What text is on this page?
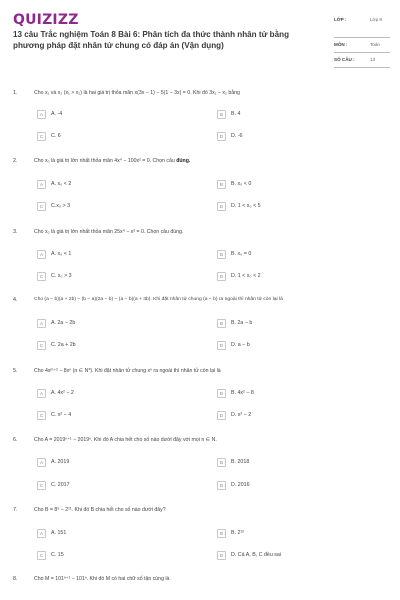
QUIZIZZ
13 câu Trắc nghiệm Toán 8 Bài 6: Phân tích đa thức thành nhân tử bằng phương pháp đặt nhân tử chung có đáp án (Vận dụng)
LỚP :	Lớp 8
MÔN :	Toán
SỐ CÂU :	13
1.	Cho x₁ và x₂ (x₁ > x₂) là hai giá trị thỏa mãn x(3x − 1) − 5(1 − 3x) = 0. Khi đó 3x₁ − x₂ bằng
A	A. -4	B	B. 4
C	C. 6	D	D. -6
2.	Cho x₀ là giá trị lớn nhất thỏa mãn 4x⁴ − 100x² = 0. Chọn câu đúng.
A	A. x₀ < 2	B	B. x₀ < 0
C	C.x₀ > 3	D	D. 1 < x₀ < 5
3.	Cho x₀ là giá trị lớn nhất thỏa mãn 25x⁴ − x² = 0. Chọn câu đúng.
A	A. x₀ < 1	B	B. x₀ = 0
C	C. x₀ > 3	D	D. 1 < x₀ < 2
4.	Cho (a − b)(a + 2b) − (b − a)(2a − b) − (a − b)(a + 3b). Khi đặt nhân tử chung (a − b) ra ngoài thì nhân tử còn lại là
A	A. 2a − 2b	B	B. 2a − b
C	C. 2a + 2b	D	D. a − b
5.	Cho 4xᵐ⁺² − 8xⁿ (n ∈ N*). Khi đặt nhân tử chung xⁿ ra ngoài thì nhân tử còn lại là
A	A. 4x² − 2	B	B. 4x² − 8
C	C. x² − 4	D	D. x² − 2
6.	Cho A = 2019ⁿ⁺¹ − 2019ⁿ. Khi đó A chia hết cho số nào dưới đây với mọi n ∈ N.
A	A. 2019	B	B. 2018
C	C. 2017	D	D. 2016
7.	Cho B = 8⁵ − 2¹¹. Khi đó B chia hết cho số nào dưới đây?
A	A. 151	B	B. 2¹²
C	C. 15	D	D. Cả A, B, C đều sai
8.	Cho M = 101ⁿ⁺¹ − 101ⁿ. Khi đó M có hai chữ số tận cùng là
